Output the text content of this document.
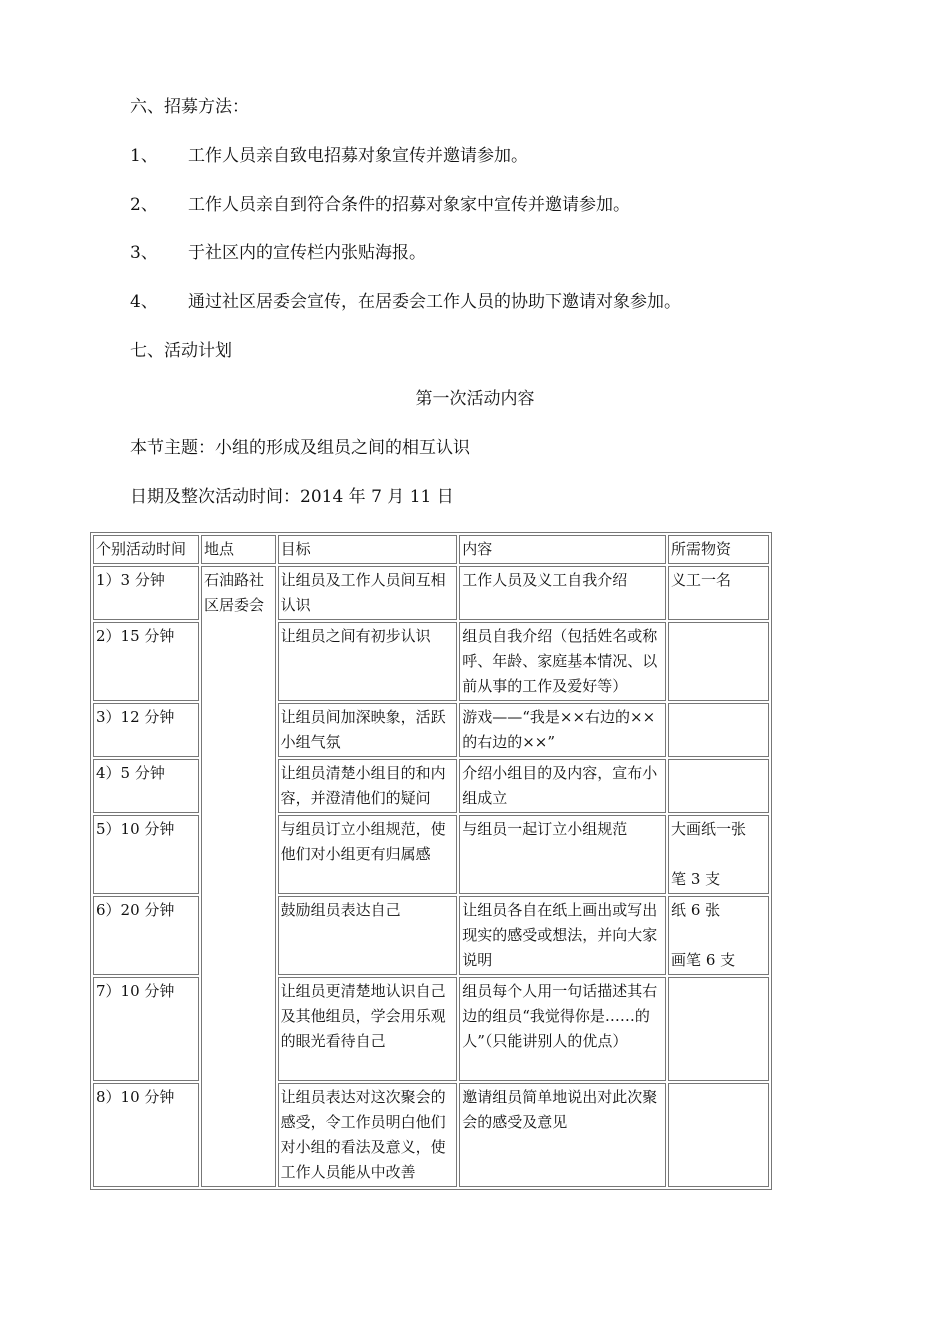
六、招募方法：
1、 工作人员亲自致电招募对象宣传并邀请参加。
2、 工作人员亲自到符合条件的招募对象家中宣传并邀请参加。
3、 于社区内的宣传栏内张贴海报。
4、 通过社区居委会宣传，在居委会工作人员的协助下邀请对象参加。
七、活动计划
第一次活动内容
本节主题：小组的形成及组员之间的相互认识
日期及整次活动时间：2014 年 7 月 11 日
个别活动时间	地点	目标	内容	所需物资
1）3 分钟	石油路社区居委会	让组员及工作人员间互相认识	工作人员及义工自我介绍	义工一名
2）15 分钟		让组员之间有初步认识	组员自我介绍（包括姓名或称呼、年龄、家庭基本情况、以前从事的工作及爱好等）	
3）12 分钟		让组员间加深映象，活跃小组气氛	游戏——“我是××右边的××的右边的××”	
4）5 分钟		让组员清楚小组目的和内容，并澄清他们的疑问	介绍小组目的及内容，宣布小组成立	
5）10 分钟		与组员订立小组规范，使他们对小组更有归属感	与组员一起订立小组规范	大画纸一张
笔 3 支
6）20 分钟		鼓励组员表达自己	让组员各自在纸上画出或写出现实的感受或想法，并向大家说明	纸 6 张
画笔 6 支
7）10 分钟		让组员更清楚地认识自己及其他组员，学会用乐观的眼光看待自己	组员每个人用一句话描述其右边的组员“我觉得你是……的人”（只能讲别人的优点）	
8）10 分钟		让组员表达对这次聚会的感受，令工作员明白他们对小组的看法及意义，使工作人员能从中改善	邀请组员简单地说出对此次聚会的感受及意见	
